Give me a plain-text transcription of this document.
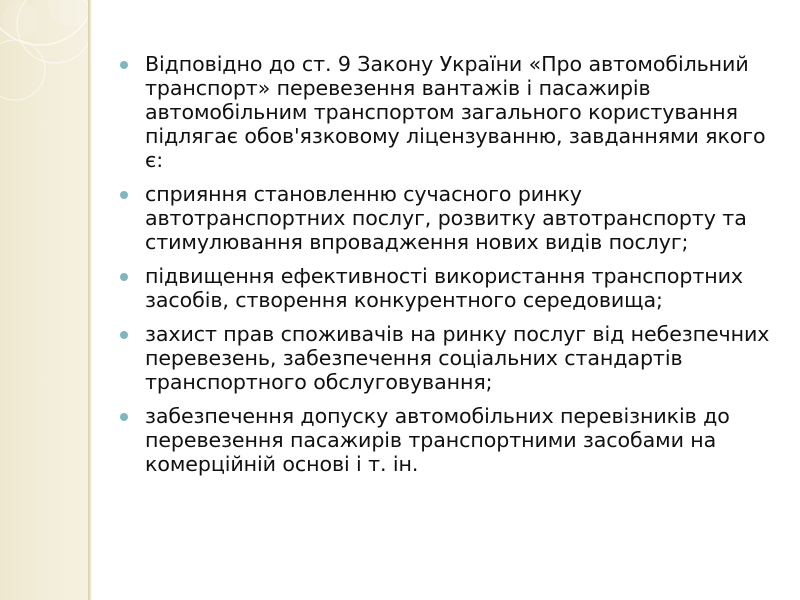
Відповідно до ст. 9 Закону України «Про автомобільний транспорт» перевезення вантажів і пасажирів автомобільним транспортом загального користування підлягає обов'язковому ліцензуванню, завданнями якого є:
сприяння становленню сучасного ринку автотранспортних послуг, розвитку автотранспорту та стимулювання впровадження нових видів послуг;
підвищення ефективності використання транспортних засобів, створення конкурентного середовища;
захист прав споживачів на ринку послуг від небезпечних перевезень, забезпечення соціальних стандартів транспортного обслуговування;
забезпечення допуску автомобільних перевізників до перевезення пасажирів транспортними засобами на комерційній основі і т. ін.
